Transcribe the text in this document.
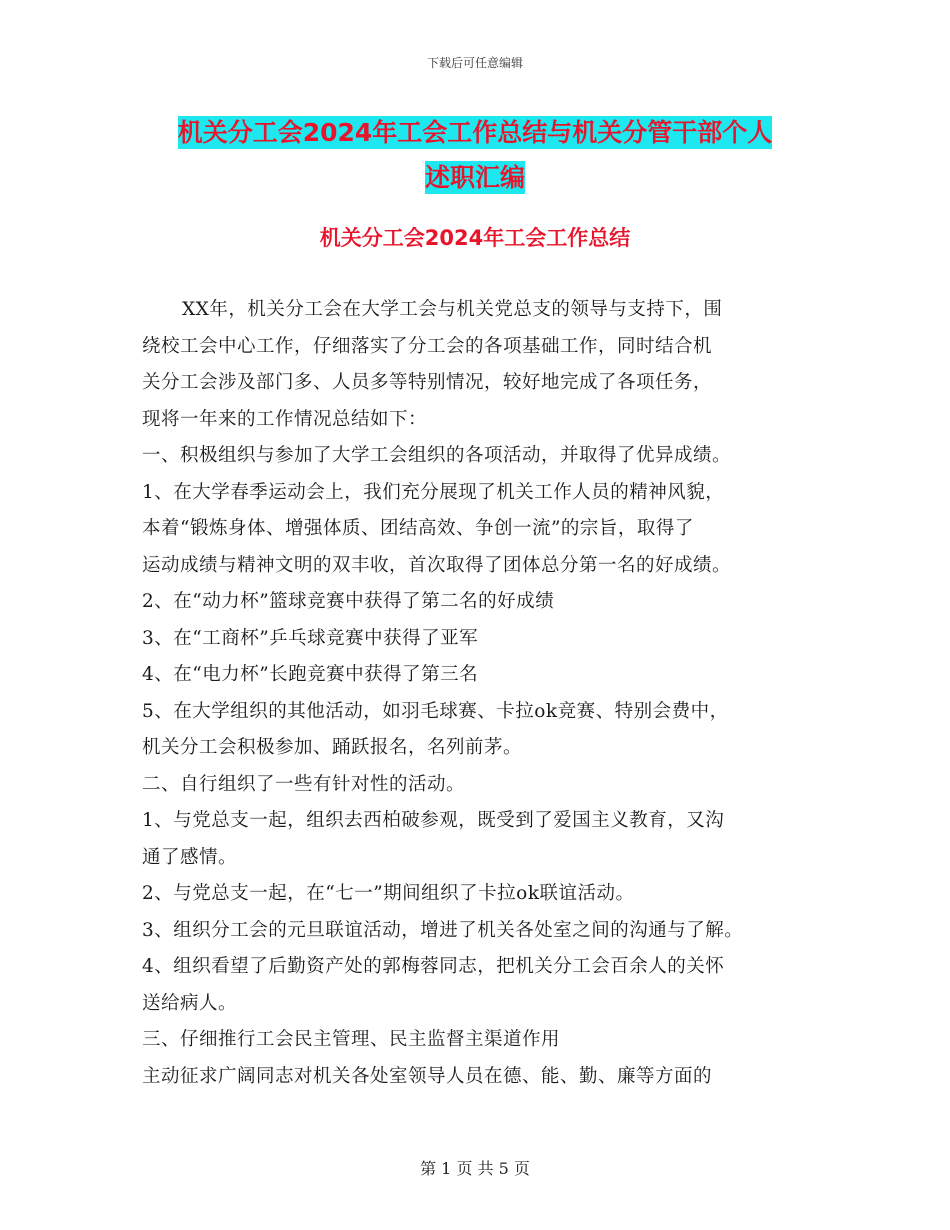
下载后可任意编辑
机关分工会2024年工会工作总结与机关分管干部个人
述职汇编
机关分工会2024年工会工作总结
XX年，机关分工会在大学工会与机关党总支的领导与支持下，围
绕校工会中心工作，仔细落实了分工会的各项基础工作，同时结合机
关分工会涉及部门多、人员多等特别情况，较好地完成了各项任务，
现将一年来的工作情况总结如下：
一、积极组织与参加了大学工会组织的各项活动，并取得了优异成绩。
1、在大学春季运动会上，我们充分展现了机关工作人员的精神风貌，
本着“锻炼身体、增强体质、团结高效、争创一流”的宗旨，取得了
运动成绩与精神文明的双丰收，首次取得了团体总分第一名的好成绩。
2、在“动力杯”篮球竞赛中获得了第二名的好成绩
3、在“工商杯”乒乓球竞赛中获得了亚军
4、在“电力杯”长跑竞赛中获得了第三名
5、在大学组织的其他活动，如羽毛球赛、卡拉ok竞赛、特别会费中，
机关分工会积极参加、踊跃报名，名列前茅。
二、自行组织了一些有针对性的活动。
1、与党总支一起，组织去西柏破参观，既受到了爱国主义教育，又沟
通了感情。
2、与党总支一起，在“七一”期间组织了卡拉ok联谊活动。
3、组织分工会的元旦联谊活动，增进了机关各处室之间的沟通与了解。
4、组织看望了后勤资产处的郭梅蓉同志，把机关分工会百余人的关怀
送给病人。
三、仔细推行工会民主管理、民主监督主渠道作用
主动征求广阔同志对机关各处室领导人员在德、能、勤、廉等方面的
第 1 页 共 5 页
